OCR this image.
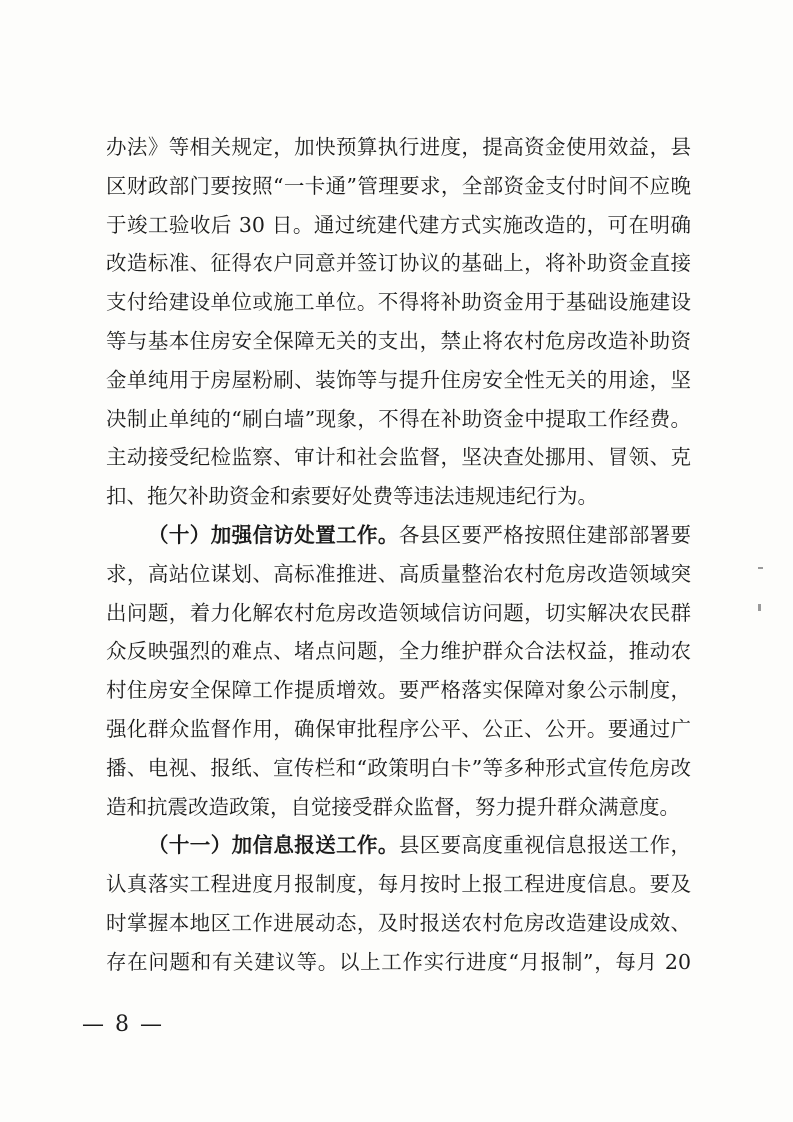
办法》等相关规定，加快预算执行进度，提高资金使用效益，县
区财政部门要按照“一卡通”管理要求，全部资金支付时间不应晚
于竣工验收后 30 日。通过统建代建方式实施改造的，可在明确
改造标准、征得农户同意并签订协议的基础上，将补助资金直接
支付给建设单位或施工单位。不得将补助资金用于基础设施建设
等与基本住房安全保障无关的支出，禁止将农村危房改造补助资
金单纯用于房屋粉刷、装饰等与提升住房安全性无关的用途，坚
决制止单纯的“刷白墙”现象，不得在补助资金中提取工作经费。
主动接受纪检监察、审计和社会监督，坚决查处挪用、冒领、克
扣、拖欠补助资金和索要好处费等违法违规违纪行为。
（十）加强信访处置工作。各县区要严格按照住建部部署要
求，高站位谋划、高标准推进、高质量整治农村危房改造领域突
出问题，着力化解农村危房改造领域信访问题，切实解决农民群
众反映强烈的难点、堵点问题，全力维护群众合法权益，推动农
村住房安全保障工作提质增效。要严格落实保障对象公示制度，
强化群众监督作用，确保审批程序公平、公正、公开。要通过广
播、电视、报纸、宣传栏和“政策明白卡”等多种形式宣传危房改
造和抗震改造政策，自觉接受群众监督，努力提升群众满意度。
（十一）加信息报送工作。县区要高度重视信息报送工作，
认真落实工程进度月报制度，每月按时上报工程进度信息。要及
时掌握本地区工作进展动态，及时报送农村危房改造建设成效、
存在问题和有关建议等。以上工作实行进度“月报制”，每月 20
— 8 —
